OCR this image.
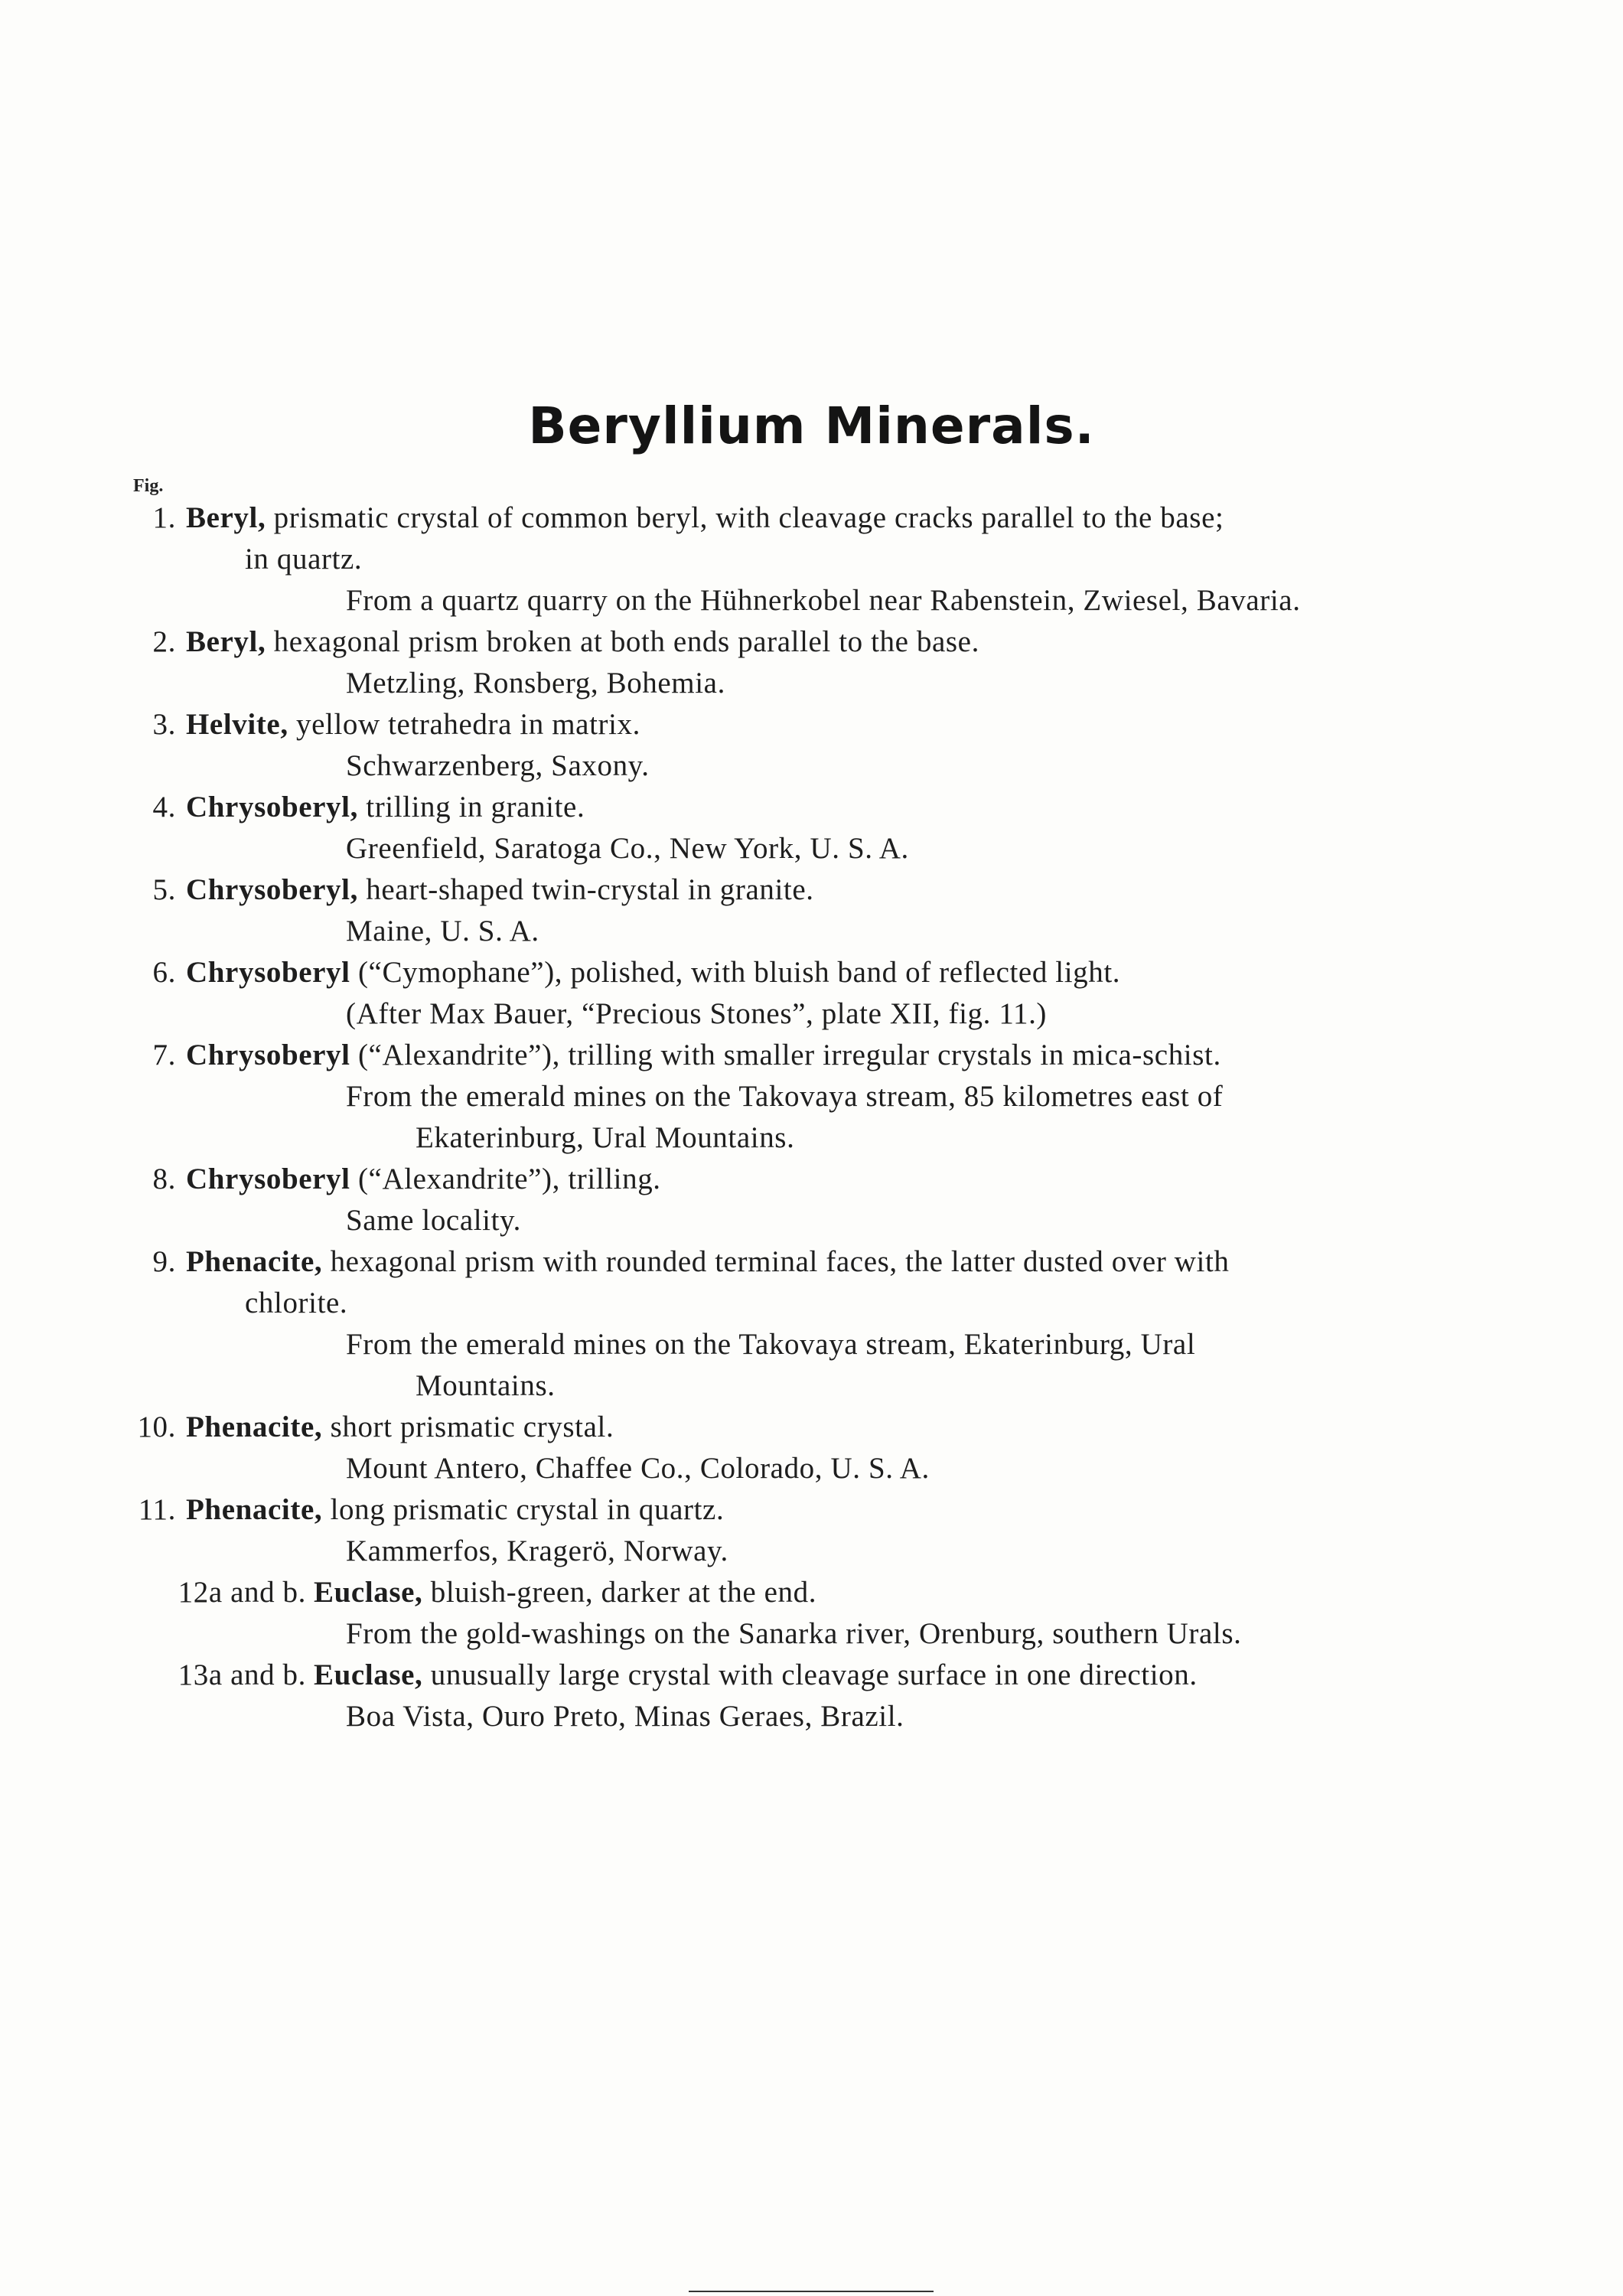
Beryllium Minerals.
Fig.
1. Beryl, prismatic crystal of common beryl, with cleavage cracks parallel to the base;
in quartz.
From a quartz quarry on the Hühnerkobel near Rabenstein, Zwiesel, Bavaria.
2. Beryl, hexagonal prism broken at both ends parallel to the base.
Metzling, Ronsberg, Bohemia.
3. Helvite, yellow tetrahedra in matrix.
Schwarzenberg, Saxony.
4. Chrysoberyl, trilling in granite.
Greenfield, Saratoga Co., New York, U. S. A.
5. Chrysoberyl, heart-shaped twin-crystal in granite.
Maine, U. S. A.
6. Chrysoberyl (“Cymophane”), polished, with bluish band of reflected light.
(After Max Bauer, “Precious Stones”, plate XII, fig. 11.)
7. Chrysoberyl (“Alexandrite”), trilling with smaller irregular crystals in mica-schist.
From the emerald mines on the Takovaya stream, 85 kilometres east of
Ekaterinburg, Ural Mountains.
8. Chrysoberyl (“Alexandrite”), trilling.
Same locality.
9. Phenacite, hexagonal prism with rounded terminal faces, the latter dusted over with
chlorite.
From the emerald mines on the Takovaya stream, Ekaterinburg, Ural
Mountains.
10. Phenacite, short prismatic crystal.
Mount Antero, Chaffee Co., Colorado, U. S. A.
11. Phenacite, long prismatic crystal in quartz.
Kammerfos, Kragerö, Norway.
12a and b. Euclase, bluish-green, darker at the end.
From the gold-washings on the Sanarka river, Orenburg, southern Urals.
13a and b. Euclase, unusually large crystal with cleavage surface in one direction.
Boa Vista, Ouro Preto, Minas Geraes, Brazil.
